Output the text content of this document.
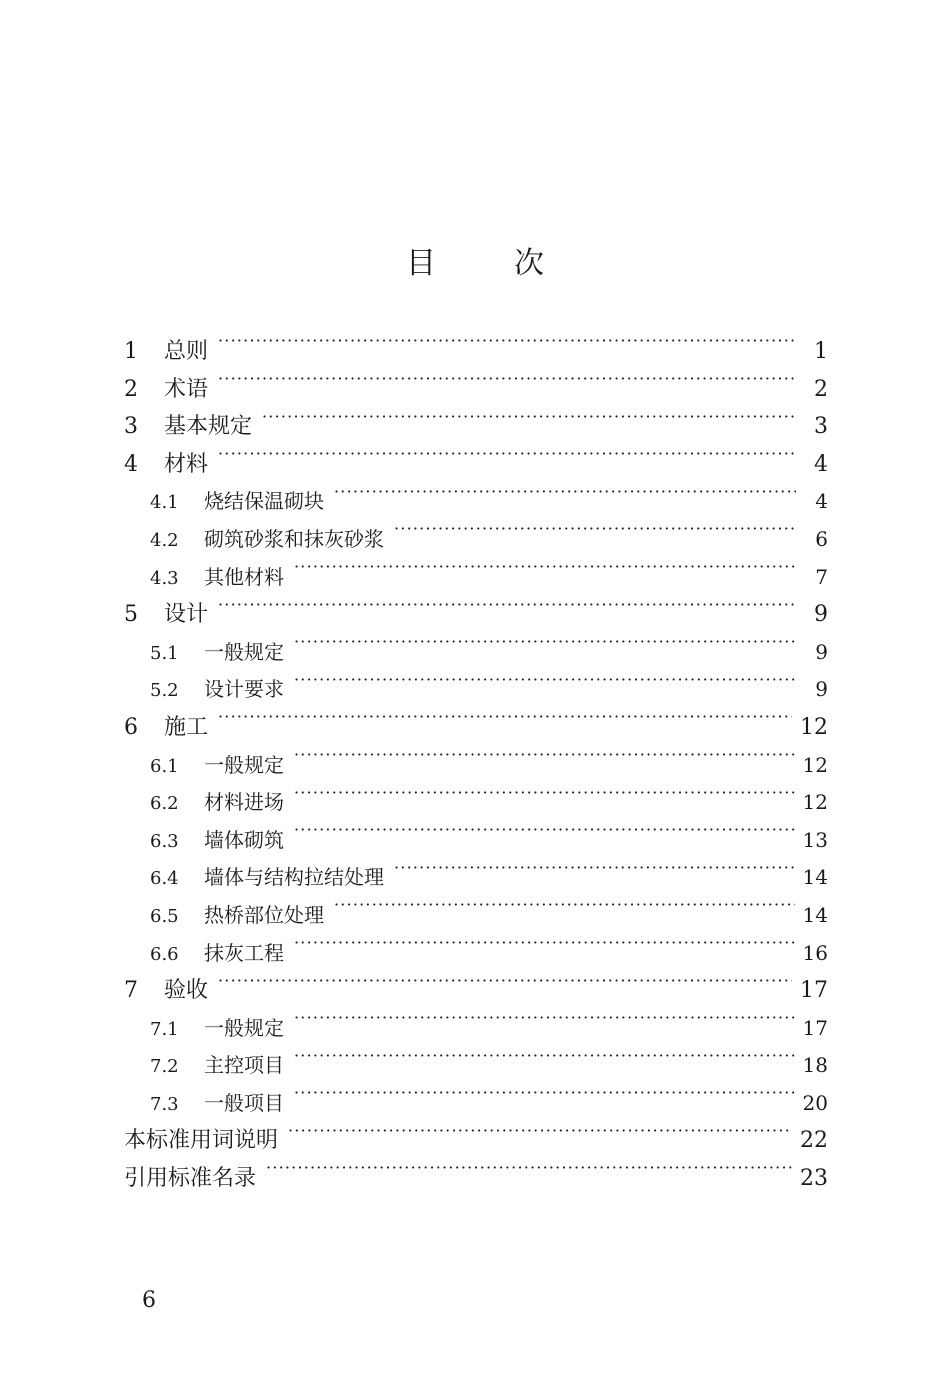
目	次
1	总则 ·····	1
2	术语 ·····	2
3	基本规定 ·····	3
4	材料 ·····	4
4.1	烧结保温砌块 ·····	4
4.2	砌筑砂浆和抹灰砂浆 ·····	6
4.3	其他材料 ·····	7
5	设计 ·····	9
5.1	一般规定 ·····	9
5.2	设计要求 ·····	9
6	施工 ·····	12
6.1	一般规定 ·····	12
6.2	材料进场 ·····	12
6.3	墙体砌筑 ·····	13
6.4	墙体与结构拉结处理 ·····	14
6.5	热桥部位处理 ·····	14
6.6	抹灰工程 ·····	16
7	验收 ·····	17
7.1	一般规定 ·····	17
7.2	主控项目 ·····	18
7.3	一般项目 ·····	20
本标准用词说明 ·····	22
引用标准名录 ·····	23
6
